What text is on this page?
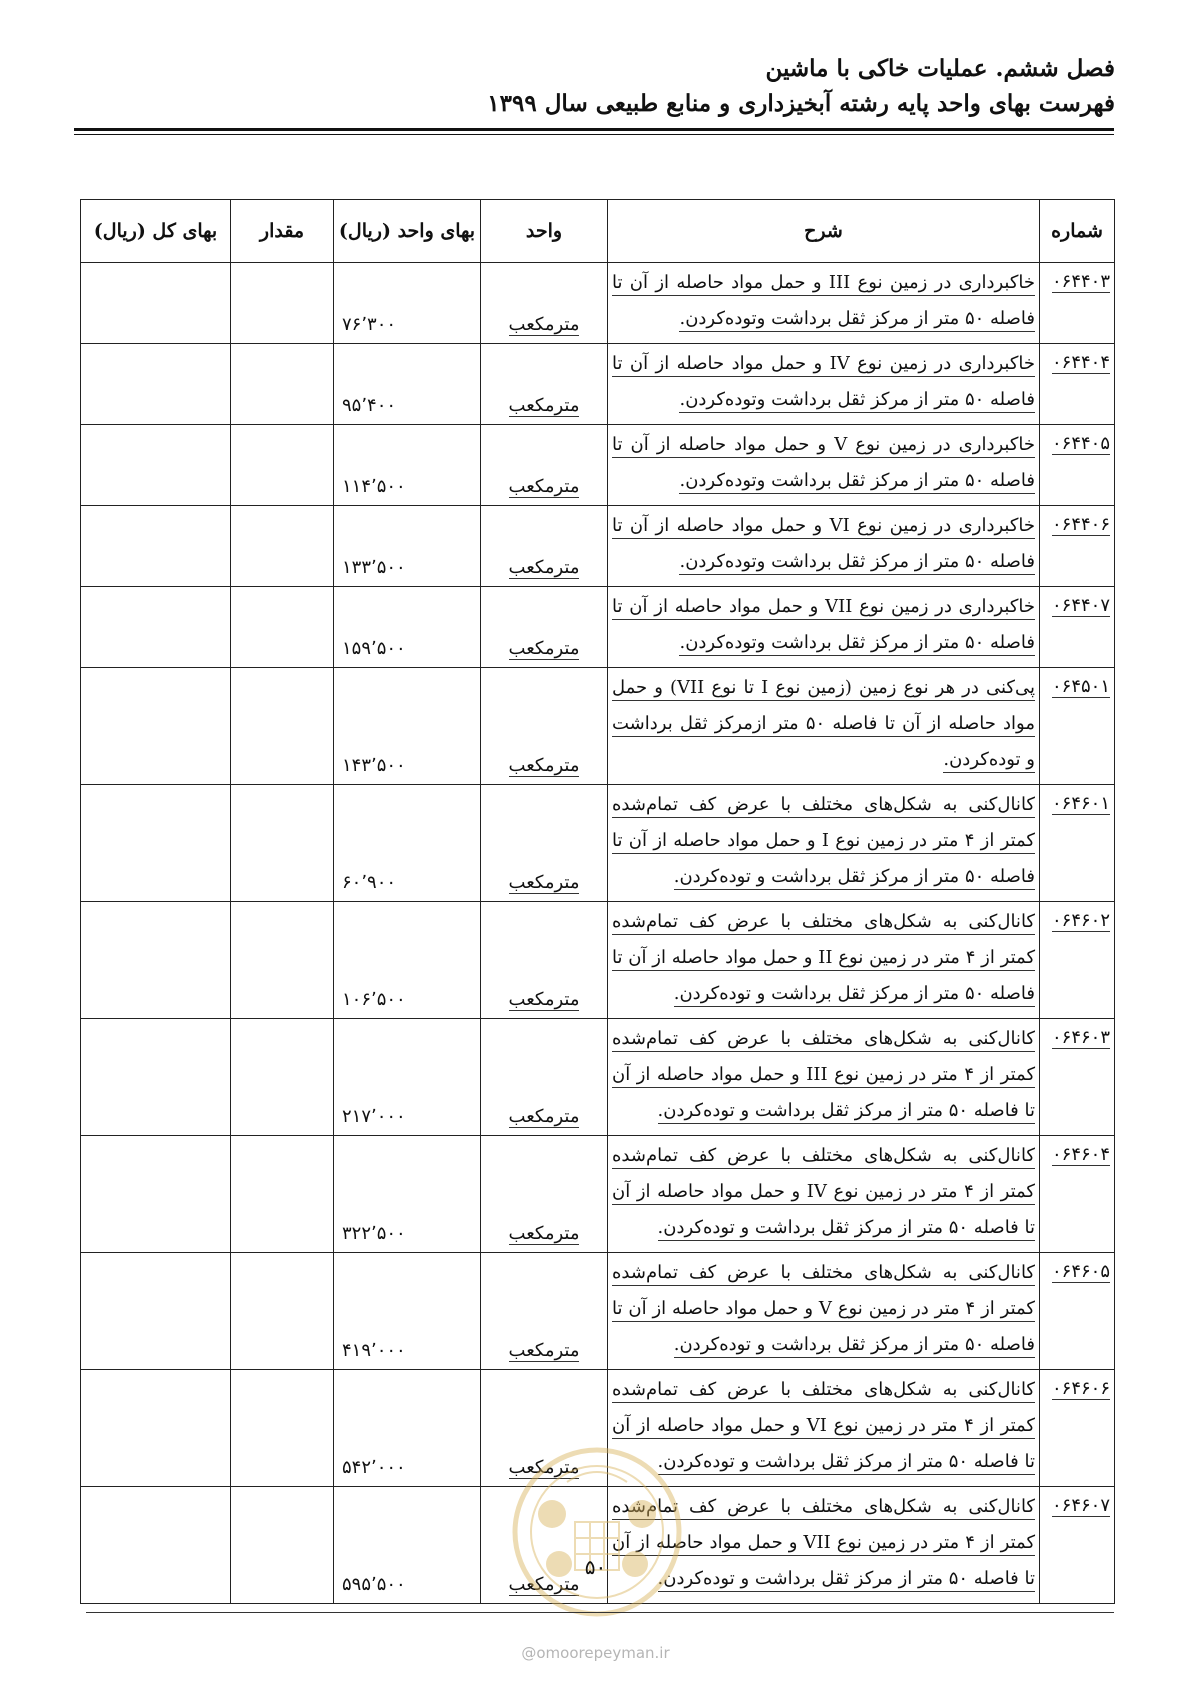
فصل ششم. عملیات خاکی با ماشین
فهرست بهای واحد پایه رشته آبخیزداری و منابع طبیعی سال ۱۳۹۹
شماره	شرح	واحد	بهای واحد (ریال)	مقدار	بهای کل (ریال)
۰۶۴۴۰۳	خاکبرداری در زمین نوع III و حمل مواد حاصله از آن تا فاصله ۵۰ متر از مرکز ثقل برداشت وتوده‌کردن.	مترمکعب	۷۶٬۳۰۰		
۰۶۴۴۰۴	خاکبرداری در زمین نوع IV و حمل مواد حاصله از آن تا فاصله ۵۰ متر از مرکز ثقل برداشت وتوده‌کردن.	مترمکعب	۹۵٬۴۰۰		
۰۶۴۴۰۵	خاکبرداری در زمین نوع V و حمل مواد حاصله از آن تا فاصله ۵۰ متر از مرکز ثقل برداشت وتوده‌کردن.	مترمکعب	۱۱۴٬۵۰۰		
۰۶۴۴۰۶	خاکبرداری در زمین نوع VI و حمل مواد حاصله از آن تا فاصله ۵۰ متر از مرکز ثقل برداشت وتوده‌کردن.	مترمکعب	۱۳۳٬۵۰۰		
۰۶۴۴۰۷	خاکبرداری در زمین نوع VII و حمل مواد حاصله از آن تا فاصله ۵۰ متر از مرکز ثقل برداشت وتوده‌کردن.	مترمکعب	۱۵۹٬۵۰۰		
۰۶۴۵۰۱	پی‌کنی در هر نوع زمین (زمین نوع I تا نوع VII) و حمل مواد حاصله از آن تا فاصله ۵۰ متر ازمرکز ثقل برداشت و توده‌کردن.	مترمکعب	۱۴۳٬۵۰۰		
۰۶۴۶۰۱	کانال‌کنی به شکل‌های مختلف با عرض کف تمام‌شده کمتر از ۴ متر در زمین نوع I و حمل مواد حاصله از آن تا فاصله ۵۰ متر از مرکز ثقل برداشت و توده‌کردن.	مترمکعب	۶۰٬۹۰۰		
۰۶۴۶۰۲	کانال‌کنی به شکل‌های مختلف با عرض کف تمام‌شده کمتر از ۴ متر در زمین نوع II و حمل مواد حاصله از آن تا فاصله ۵۰ متر از مرکز ثقل برداشت و توده‌کردن.	مترمکعب	۱۰۶٬۵۰۰		
۰۶۴۶۰۳	کانال‌کنی به شکل‌های مختلف با عرض کف تمام‌شده کمتر از ۴ متر در زمین نوع III و حمل مواد حاصله از آن تا فاصله ۵۰ متر از مرکز ثقل برداشت و توده‌کردن.	مترمکعب	۲۱۷٬۰۰۰		
۰۶۴۶۰۴	کانال‌کنی به شکل‌های مختلف با عرض کف تمام‌شده کمتر از ۴ متر در زمین نوع IV و حمل مواد حاصله از آن تا فاصله ۵۰ متر از مرکز ثقل برداشت و توده‌کردن.	مترمکعب	۳۲۲٬۵۰۰		
۰۶۴۶۰۵	کانال‌کنی به شکل‌های مختلف با عرض کف تمام‌شده کمتر از ۴ متر در زمین نوع V و حمل مواد حاصله از آن تا فاصله ۵۰ متر از مرکز ثقل برداشت و توده‌کردن.	مترمکعب	۴۱۹٬۰۰۰		
۰۶۴۶۰۶	کانال‌کنی به شکل‌های مختلف با عرض کف تمام‌شده کمتر از ۴ متر در زمین نوع VI و حمل مواد حاصله از آن تا فاصله ۵۰ متر از مرکز ثقل برداشت و توده‌کردن.	مترمکعب	۵۴۲٬۰۰۰		
۰۶۴۶۰۷	کانال‌کنی به شکل‌های مختلف با عرض کف تمام‌شده کمتر از ۴ متر در زمین نوع VII و حمل مواد حاصله از آن تا فاصله ۵۰ متر از مرکز ثقل برداشت و توده‌کردن.	مترمکعب	۵۹۵٬۵۰۰		
۵۰
@omoorepeyman.ir
